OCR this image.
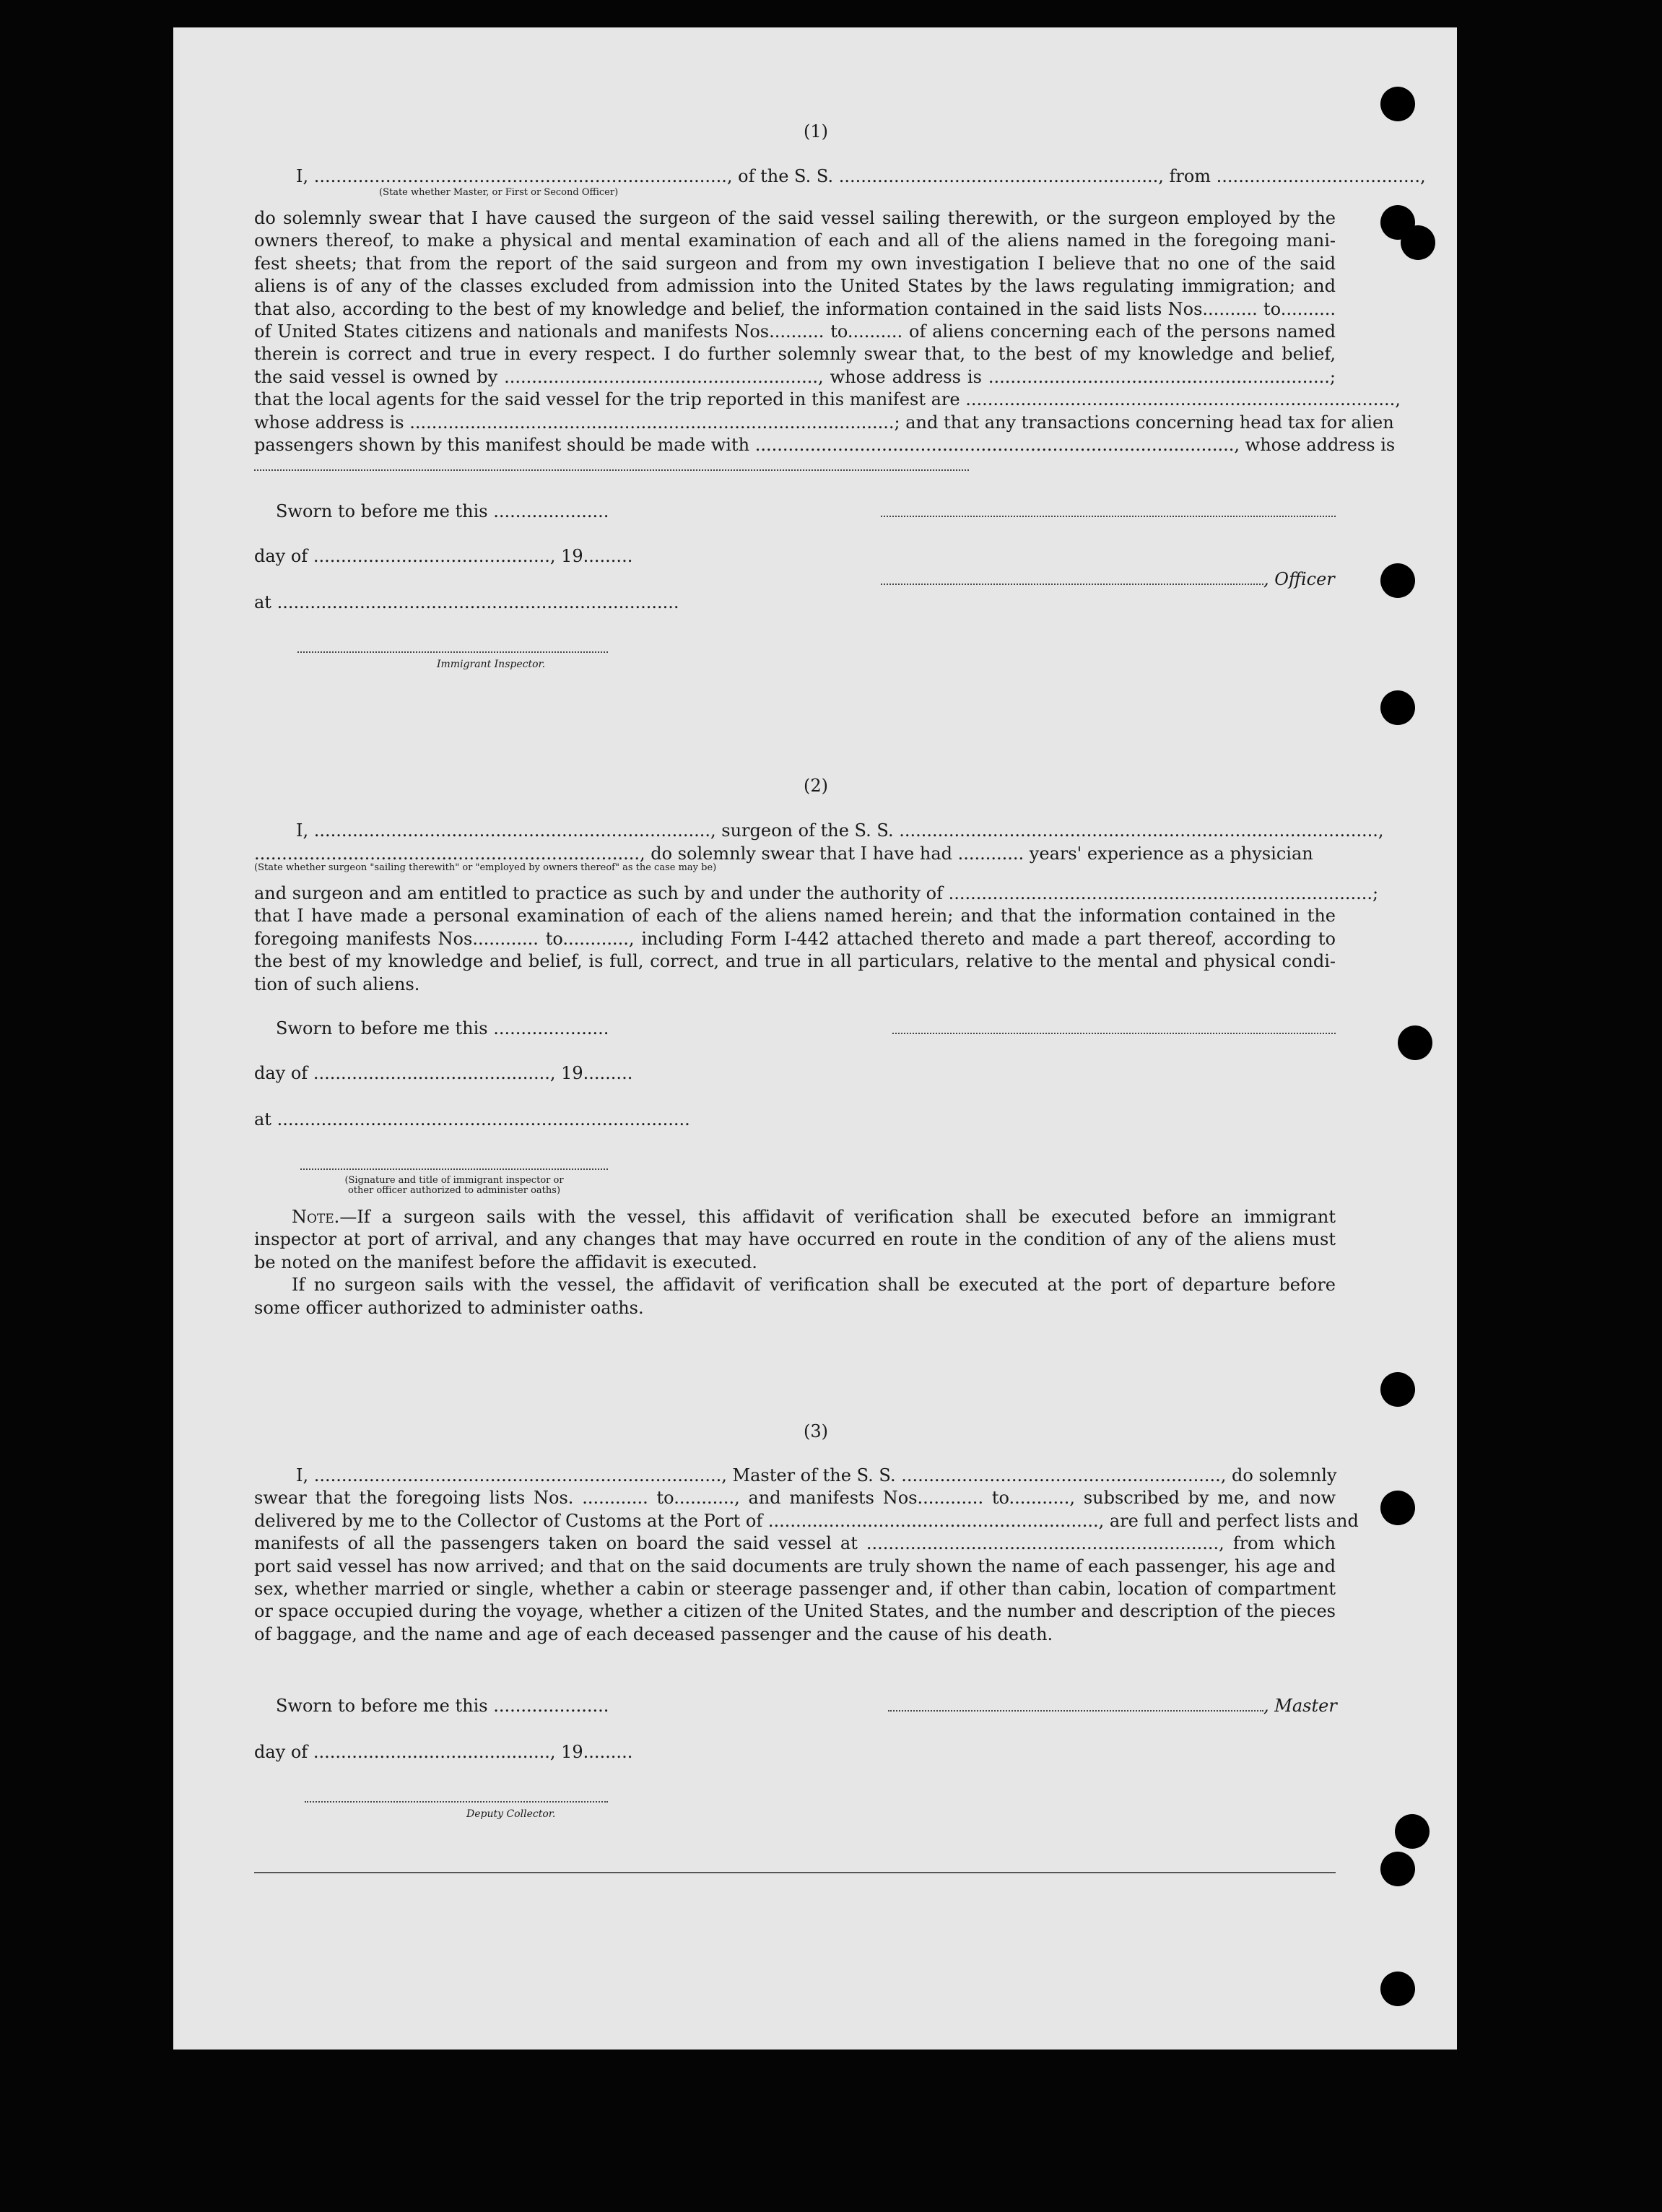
(1)
I, ..........................................................................., of the S. S. .........................................................., from .....................................,
(State whether Master, or First or Second Officer)
do solemnly swear that I have caused the surgeon of the said vessel sailing therewith, or the surgeon employed by the
owners thereof, to make a physical and mental examination of each and all of the aliens named in the foregoing mani-
fest sheets; that from the report of the said surgeon and from my own investigation I believe that no one of the said
aliens is of any of the classes excluded from admission into the United States by the laws regulating immigration; and
that also, according to the best of my knowledge and belief, the information contained in the said lists Nos.......... to..........
of United States citizens and nationals and manifests Nos.......... to.......... of aliens concerning each of the persons named
therein is correct and true in every respect. I do further solemnly swear that, to the best of my knowledge and belief,
the said vessel is owned by ........................................................., whose address is ..............................................................;
that the local agents for the said vessel for the trip reported in this manifest are ..............................................................................,
whose address is ........................................................................................; and that any transactions concerning head tax for alien
passengers shown by this manifest should be made with ......................................................................................., whose address is
Sworn to before me this .....................
day of ..........................................., 19.........
, Officer
at .........................................................................
Immigrant Inspector.
(2)
I, ........................................................................, surgeon of the S. S. .......................................................................................,
......................................................................, do solemnly swear that I have had ............ years' experience as a physician
(State whether surgeon "sailing therewith" or "employed by owners thereof" as the case may be)
and surgeon and am entitled to practice as such by and under the authority of .............................................................................;
that I have made a personal examination of each of the aliens named herein; and that the information contained in the
foregoing manifests Nos............ to............, including Form I-442 attached thereto and made a part thereof, according to
the best of my knowledge and belief, is full, correct, and true in all particulars, relative to the mental and physical condi-
tion of such aliens.
Sworn to before me this .....................
day of ..........................................., 19.........
at ...........................................................................
(Signature and title of immigrant inspector or
other officer authorized to administer oaths)
Note.—If a surgeon sails with the vessel, this affidavit of verification shall be executed before an immigrant
inspector at port of arrival, and any changes that may have occurred en route in the condition of any of the aliens must
be noted on the manifest before the affidavit is executed.
If no surgeon sails with the vessel, the affidavit of verification shall be executed at the port of departure before
some officer authorized to administer oaths.
(3)
I, .........................................................................., Master of the S. S. .........................................................., do solemnly
swear that the foregoing lists Nos. ............ to..........., and manifests Nos............ to..........., subscribed by me, and now
delivered by me to the Collector of Customs at the Port of ............................................................, are full and perfect lists and
manifests of all the passengers taken on board the said vessel at ................................................................, from which
port said vessel has now arrived; and that on the said documents are truly shown the name of each passenger, his age and
sex, whether married or single, whether a cabin or steerage passenger and, if other than cabin, location of compartment
or space occupied during the voyage, whether a citizen of the United States, and the number and description of the pieces
of baggage, and the name and age of each deceased passenger and the cause of his death.
Sworn to before me this .....................	, Master
day of ..........................................., 19.........
Deputy Collector.
